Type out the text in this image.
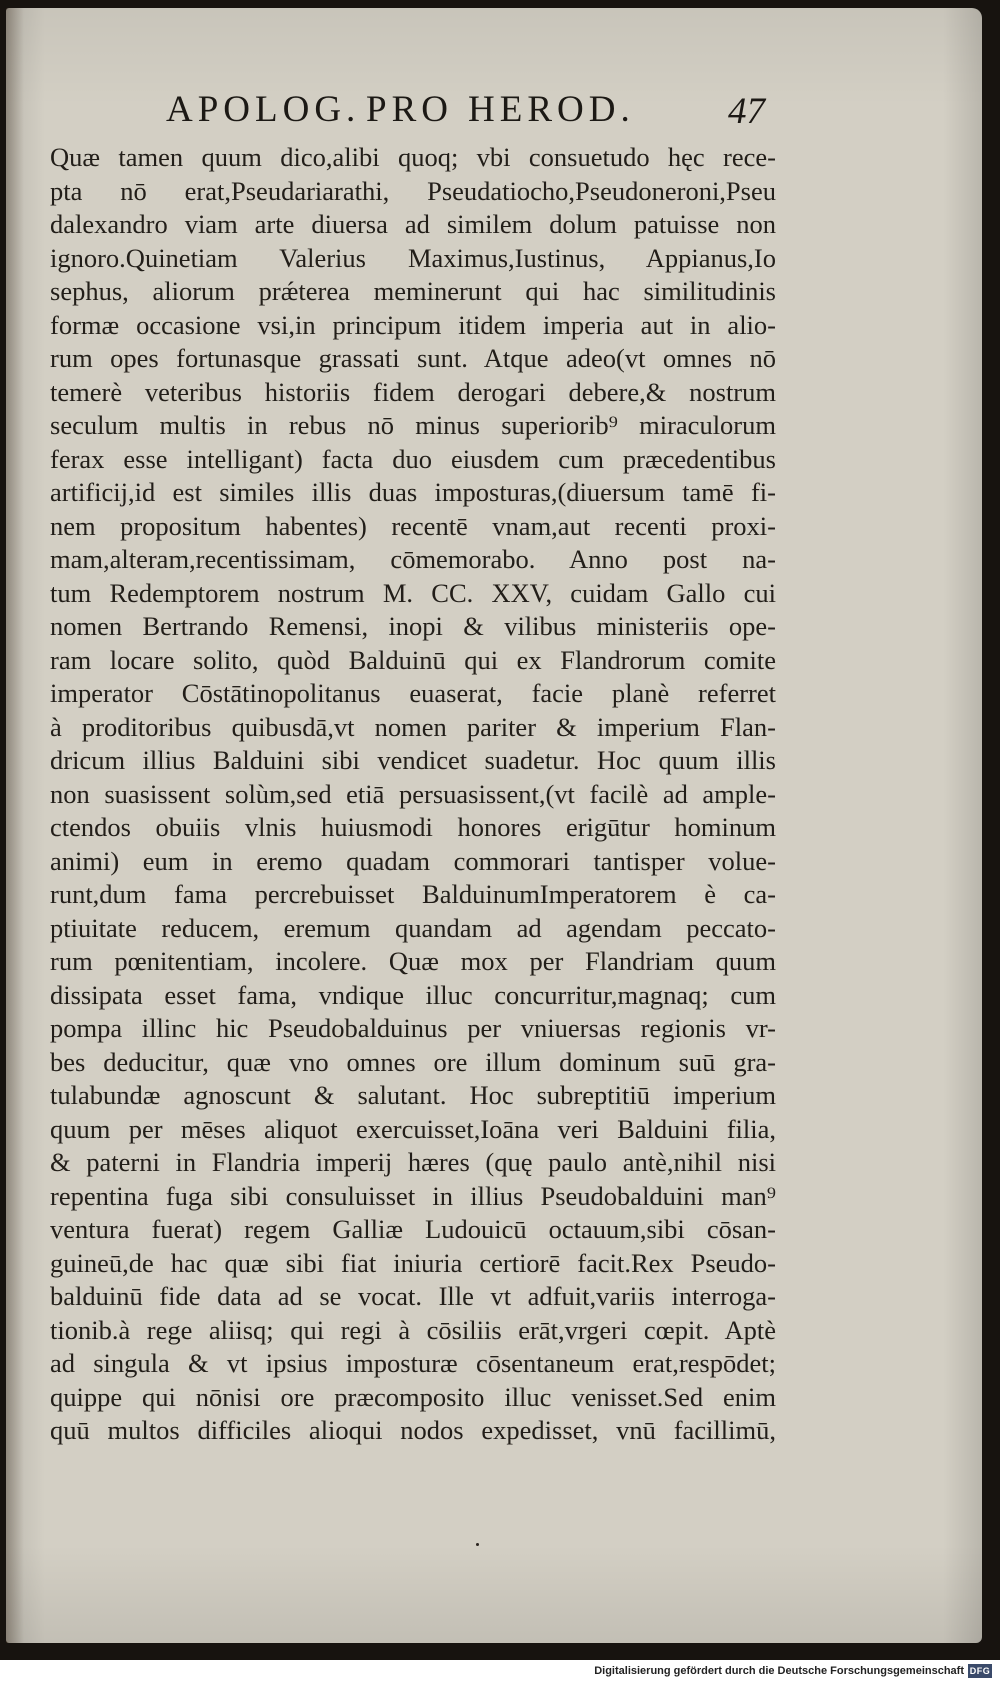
APOLOG. PRO HEROD.	47
Quæ tamen quum dico,alibi quoq; vbi consuetudo hęc rece-
pta nō erat,Pseudariarathi, Pseudatiocho,Pseudoneroni,Pseu
dalexandro viam arte diuersa ad similem dolum patuisse non
ignoro.Quinetiam Valerius Maximus,Iustinus, Appianus,Io
sephus, aliorum prǽterea meminerunt qui hac similitudinis
formæ occasione vsi,in principum itidem imperia aut in alio-
rum opes fortunasque grassati sunt. Atque adeo(vt omnes nō
temerè veteribus historiis fidem derogari debere,& nostrum
seculum multis in rebus nō minus superiorib⁹ miraculorum
ferax esse intelligant) facta duo eiusdem cum præcedentibus
artificij,id est similes illis duas imposturas,(diuersum tamē fi-
nem propositum habentes) recentē vnam,aut recenti proxi-
mam,alteram,recentissimam, cōmemorabo. Anno post na-
tum Redemptorem nostrum M. CC. XXV, cuidam Gallo cui
nomen Bertrando Remensi, inopi & vilibus ministeriis ope-
ram locare solito, quòd Balduinū qui ex Flandrorum comite
imperator Cōstātinopolitanus euaserat, facie planè referret
à proditoribus quibusdā,vt nomen pariter & imperium Flan-
dricum illius Balduini sibi vendicet suadetur. Hoc quum illis
non suasissent solùm,sed etiā persuasissent,(vt facilè ad ample-
ctendos obuiis vlnis huiusmodi honores erigūtur hominum
animi) eum in eremo quadam commorari tantisper volue-
runt,dum fama percrebuisset BalduinumImperatorem è ca-
ptiuitate reducem, eremum quandam ad agendam peccato-
rum pœnitentiam, incolere. Quæ mox per Flandriam quum
dissipata esset fama, vndique illuc concurritur,magnaq; cum
pompa illinc hic Pseudobalduinus per vniuersas regionis vr-
bes deducitur, quæ vno omnes ore illum dominum suū gra-
tulabundæ agnoscunt & salutant. Hoc subreptitiū imperium
quum per mēses aliquot exercuisset,Ioāna veri Balduini filia,
& paterni in Flandria imperij hæres (quę paulo antè,nihil nisi
repentina fuga sibi consuluisset in illius Pseudobalduini man⁹
ventura fuerat) regem Galliæ Ludouicū octauum,sibi cōsan-
guineū,de hac quæ sibi fiat iniuria certiorē facit.Rex Pseudo-
balduinū fide data ad se vocat. Ille vt adfuit,variis interroga-
tionib.à rege aliisq; qui regi à cōsiliis erāt,vrgeri cœpit. Aptè
ad singula & vt ipsius imposturæ cōsentaneum erat,respōdet;
quippe qui nōnisi ore præcomposito illuc venisset.Sed enim
quū multos difficiles alioqui nodos expedisset, vnū facillimū,
Digitalisierung gefördert durch die Deutsche Forschungsgemeinschaft DFG
